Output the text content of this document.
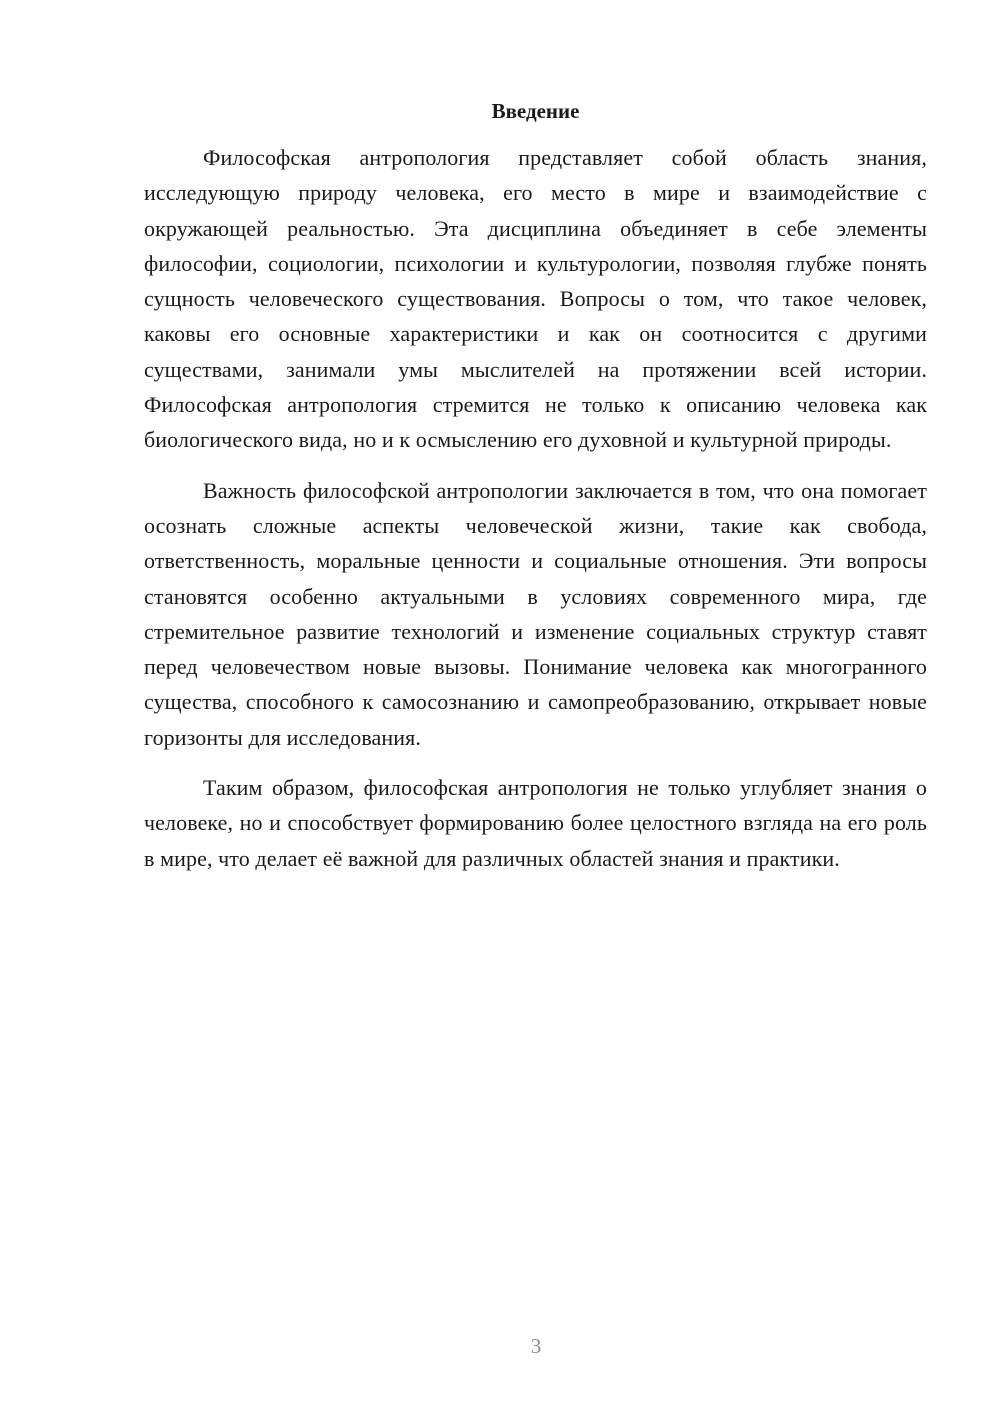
Введение

Философская антропология представляет собой область знания, исследующую природу человека, его место в мире и взаимодействие с окружающей реальностью. Эта дисциплина объединяет в себе элементы философии, социологии, психологии и культурологии, позволяя глубже понять сущность человеческого существования. Вопросы о том, что такое человек, каковы его основные характеристики и как он соотносится с другими существами, занимали умы мыслителей на протяжении всей истории. Философская антропология стремится не только к описанию человека как биологического вида, но и к осмыслению его духовной и культурной природы.

Важность философской антропологии заключается в том, что она помогает осознать сложные аспекты человеческой жизни, такие как свобода, ответственность, моральные ценности и социальные отношения. Эти вопросы становятся особенно актуальными в условиях современного мира, где стремительное развитие технологий и изменение социальных структур ставят перед человечеством новые вызовы. Понимание человека как многогранного существа, способного к самосознанию и самопреобразованию, открывает новые горизонты для исследования.

Таким образом, философская антропология не только углубляет знания о человеке, но и способствует формированию более целостного взгляда на его роль в мире, что делает её важной для различных областей знания и практики.

3
